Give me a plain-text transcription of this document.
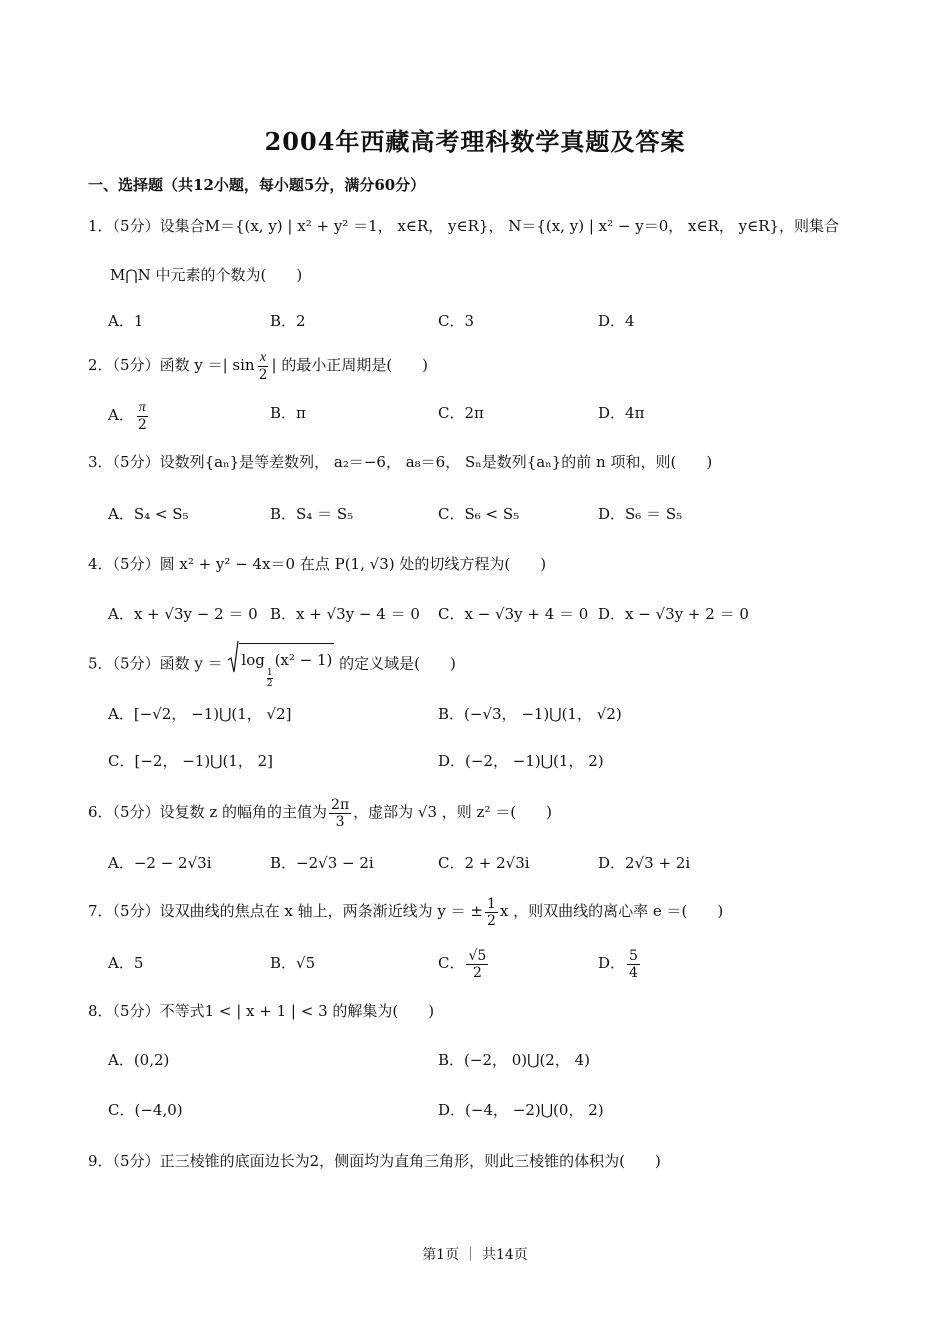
2004年西藏高考理科数学真题及答案
一、选择题（共12小题，每小题5分，满分60分）
1．（5分）设集合M＝{(x, y) | x² + y² ＝1， x∈R， y∈R}， N＝{(x, y) | x² − y＝0， x∈R， y∈R}，则集合
M⋂N 中元素的个数为(　　)
A．1	B．2	C．3	D．4
2．（5分）函数 y ＝| $\sin \frac{x}{2}$ | 的最小正周期是(　　)
A． $\frac{\pi}{2}$	B．π	C．2π	D．4π
3．（5分）设数列{aₙ}是等差数列， a₂＝−6， a₈＝6， Sₙ是数列{aₙ}的前 n 项和，则(　　)
A．S₄ < S₅	B．S₄ ＝ S₅	C．S₆ < S₅	D．S₆ ＝ S₅
4．（5分）圆 x² + y² − 4x＝0 在点 P(1, √3) 处的切线方程为(　　)
A．x + √3y − 2 ＝ 0 B．x + √3y − 4 ＝ 0 C．x − √3y + 4 ＝ 0 D．x − √3y + 2 ＝ 0
5．（5分）函数 y ＝ log
$\frac{1}{2}$
(x² − 1) 的定义域是(　　)
A．[−√2， −1)⋃(1， √2]	B．(−√3， −1)⋃(1， √2)
C．[−2， −1)⋃(1， 2]	D．(−2， −1)⋃(1， 2)
6．（5分）设复数 z 的幅角的主值为 $\frac{2\pi}{3}$ ，虚部为 √3 ，则 z² ＝(　　)
A．−2 − 2√3i	B．−2√3 − 2i	C．2 + 2√3i	D．2√3 + 2i
7．（5分）设双曲线的焦点在 x 轴上，两条渐近线为 y ＝ ± $\frac{1}{2}$ x ，则双曲线的离心率 e ＝(　　)
A．5	B．√5	C． $\frac{√5}{2}$	D． $\frac{5}{4}$
8．（5分）不等式1 < | x + 1 | < 3 的解集为(　　)
A．(0,2)	B．(−2， 0)⋃(2， 4)
C．(−4,0)	D．(−4， −2)⋃(0， 2)
9．（5分）正三棱锥的底面边长为2，侧面均为直角三角形，则此三棱锥的体积为(　　)
第1页 ｜ 共14页
